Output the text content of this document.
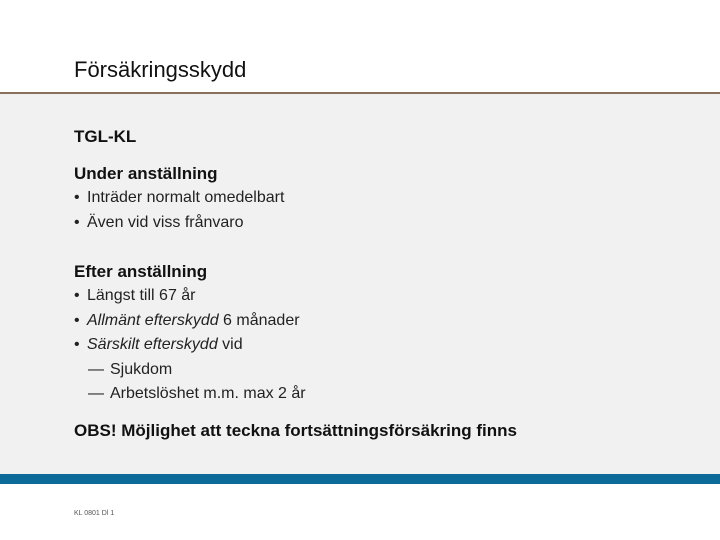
Försäkringsskydd
TGL-KL
Under anställning
• Inträder normalt omedelbart
• Även vid viss frånvaro
Efter anställning
• Längst till 67 år
• Allmänt efterskydd 6 månader
• Särskilt efterskydd vid
— Sjukdom
— Arbetslöshet m.m. max 2 år
OBS! Möjlighet att teckna fortsättningsförsäkring finns
KL 0801 Dl 1
